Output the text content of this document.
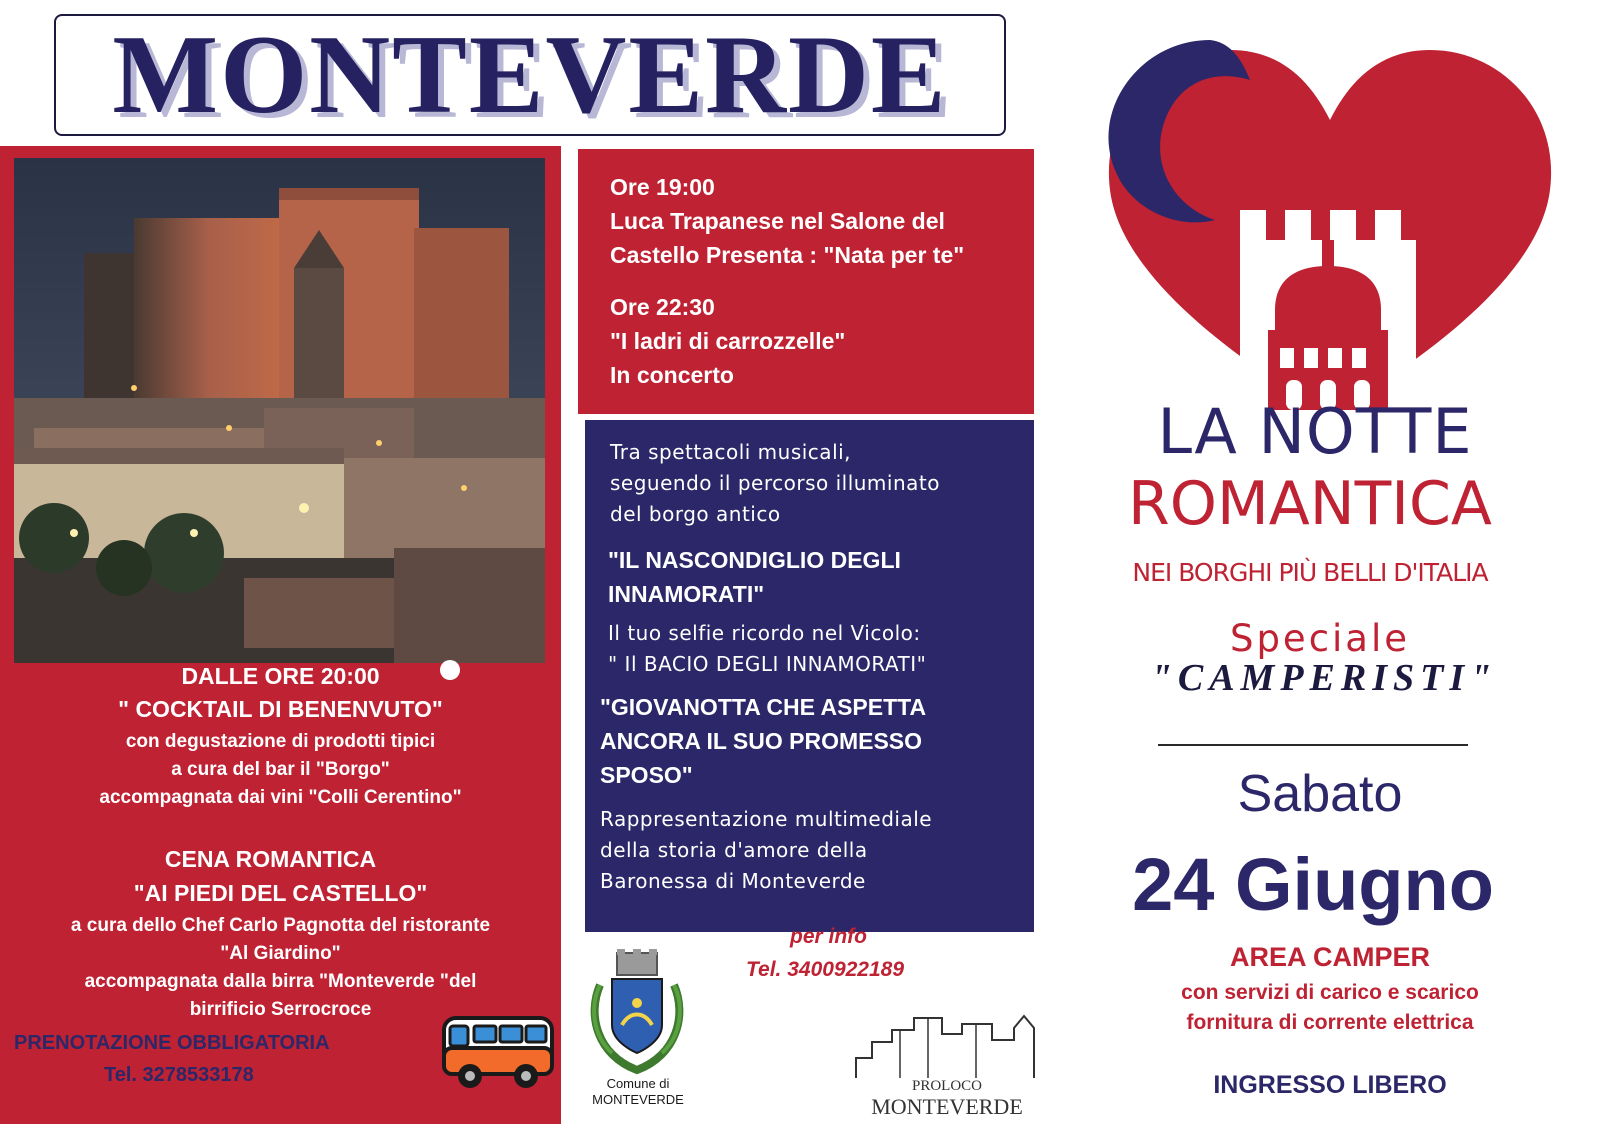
MONTEVERDE
DALLE ORE 20:00
" COCKTAIL DI BENENVUTO"
con degustazione di prodotti tipici
a cura del bar il "Borgo"
accompagnata dai vini "Colli Cerentino"
CENA ROMANTICA
"AI PIEDI DEL CASTELLO"
a cura dello Chef Carlo Pagnotta del ristorante
"Al Giardino"
accompagnata dalla birra "Monteverde "del
birrificio Serrocroce
PRENOTAZIONE OBBLIGATORIA
Tel. 3278533178
Ore 19:00
Luca Trapanese nel Salone del
Castello Presenta : "Nata per te"
Ore 22:30
"I ladri di carrozzelle"
In concerto
Tra spettacoli musicali,
seguendo il percorso illuminato
del borgo antico
"IL NASCONDIGLIO DEGLI
INNAMORATI"
Il tuo selfie ricordo nel Vicolo:
" Il BACIO DEGLI INNAMORATI"
"GIOVANOTTA CHE ASPETTA
ANCORA IL SUO PROMESSO
SPOSO"
Rappresentazione multimediale
della storia d'amore della
Baronessa di Monteverde
Comune di
MONTEVERDE
per info
Tel. 3400922189
PROLOCO
MONTEVERDE
LA NOTTE
ROMANTICA
NEI BORGHI PIÙ BELLI D'ITALIA
Speciale
"CAMPERISTI"
Sabato
24 Giugno
AREA CAMPER
con servizi di carico e scarico
fornitura di corrente elettrica
INGRESSO LIBERO
